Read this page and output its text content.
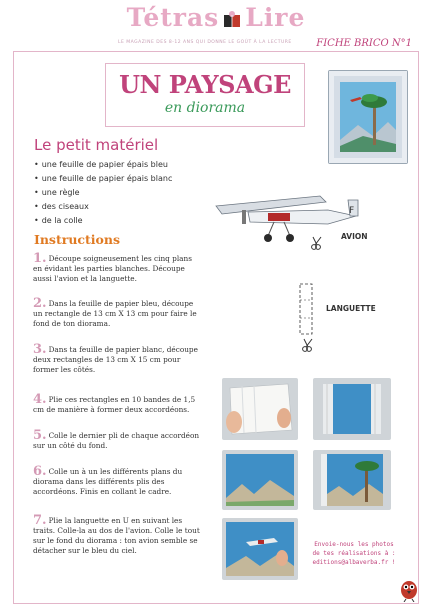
Tétras Lire
LE MAGAZINE DES 8-12 ANS QUI DONNE LE GOÛT À LA LECTURE FICHE BRICO N°1
UN PAYSAGE
en diorama
Le petit matériel
• une feuille de papier épais bleu
• une feuille de papier épais blanc
• une règle
• des ciseaux
• de la colle
F
AVION
LANGUETTE
Instructions
1. Découpe soigneusement les cinq plans en évidant les parties blanches. Découpe aussi l'avion et la languette.
2. Dans la feuille de papier bleu, découpe un rectangle de 13 cm X 13 cm pour faire le fond de ton diorama.
3. Dans ta feuille de papier blanc, découpe deux rectangles de 13 cm X 15 cm pour former les côtés.
4. Plie ces rectangles en 10 bandes de 1,5 cm de manière à former deux accordéons.
5. Colle le dernier pli de chaque accordéon sur un côté du fond.
6. Colle un à un les différents plans du diorama dans les différents plis des accordéons. Finis en collant le cadre.
7. Plie la languette en U en suivant les traits. Colle-la au dos de l'avion. Colle le tout sur le fond du diorama : ton avion semble se détacher sur le bleu du ciel.
Envoie-nous les photos
de tes réalisations à :
editions@albaverba.fr !
